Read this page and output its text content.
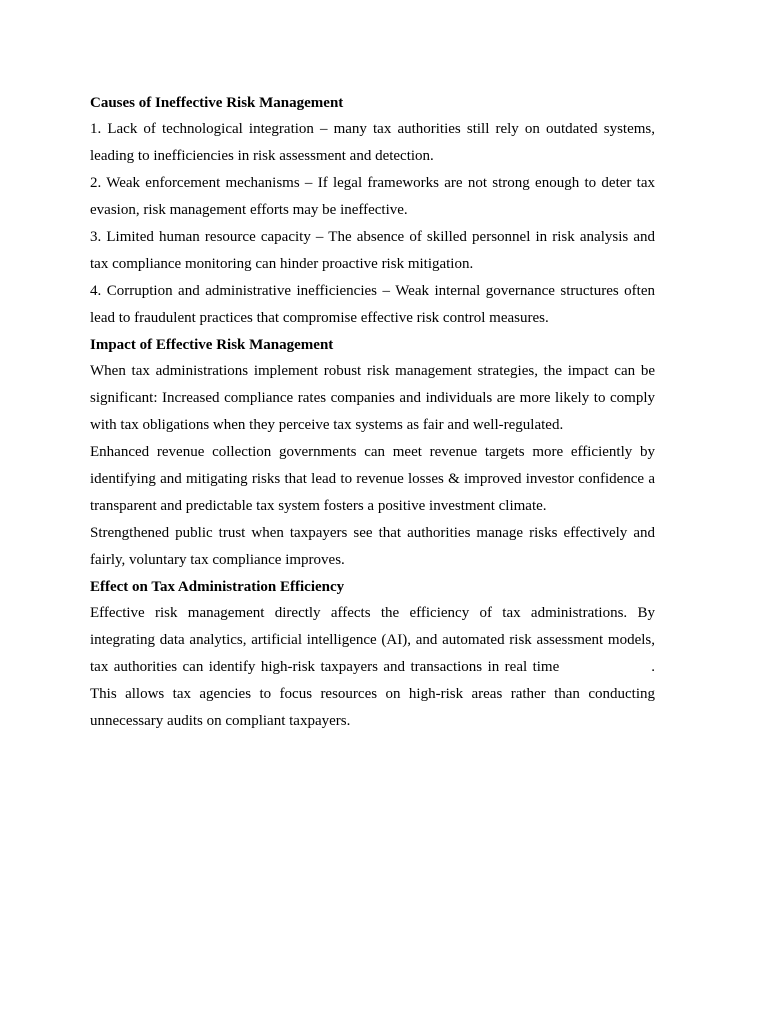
Causes of Ineffective Risk Management

1. Lack of technological integration – many tax authorities still rely on outdated systems, leading to inefficiencies in risk assessment and detection.

2. Weak enforcement mechanisms – If legal frameworks are not strong enough to deter tax evasion, risk management efforts may be ineffective.

3. Limited human resource capacity – The absence of skilled personnel in risk analysis and tax compliance monitoring can hinder proactive risk mitigation.

4. Corruption and administrative inefficiencies – Weak internal governance structures often lead to fraudulent practices that compromise effective risk control measures.

Impact of Effective Risk Management

When tax administrations implement robust risk management strategies, the impact can be significant: Increased compliance rates companies and individuals are more likely to comply with tax obligations when they perceive tax systems as fair and well-regulated.

Enhanced revenue collection governments can meet revenue targets more efficiently by identifying and mitigating risks that lead to revenue losses & improved investor confidence a transparent and predictable tax system fosters a positive investment climate.

Strengthened public trust when taxpayers see that authorities manage risks effectively and fairly, voluntary tax compliance improves.

Effect on Tax Administration Efficiency

Effective risk management directly affects the efficiency of tax administrations. By integrating data analytics, artificial intelligence (AI), and automated risk assessment models, tax authorities can identify high-risk taxpayers and transactions in real time	.

This allows tax agencies to focus resources on high-risk areas rather than conducting unnecessary audits on compliant taxpayers.
